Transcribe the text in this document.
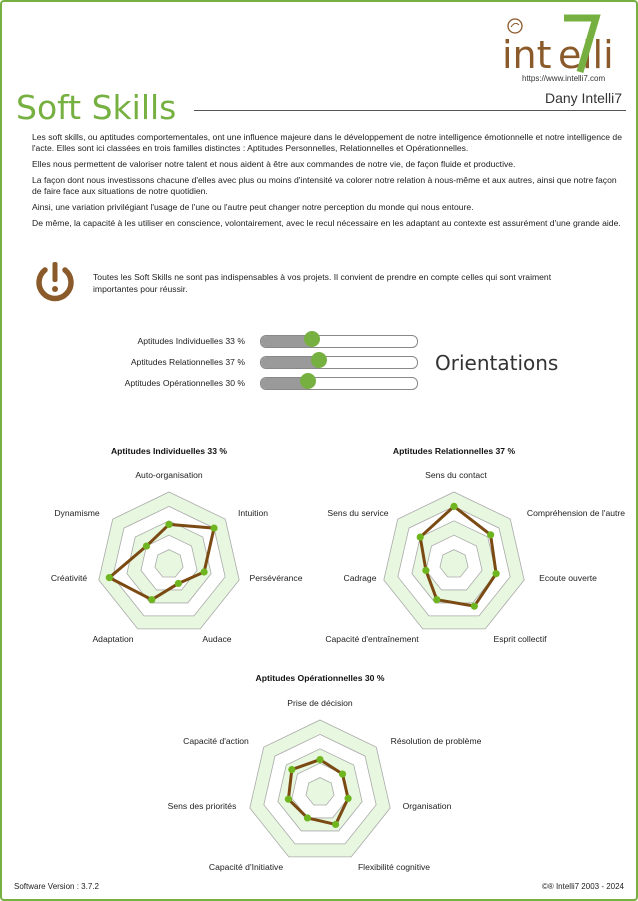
int e lli
https://www.intelli7.com
Soft Skills	Dany Intelli7

Les soft skills, ou aptitudes comportementales, ont une influence majeure dans le développement de notre intelligence émotionnelle et notre intelligence de l'acte. Elles sont ici classées en trois familles distinctes : Aptitudes Personnelles, Relationnelles et Opérationnelles.

Elles nous permettent de valoriser notre talent et nous aident à être aux commandes de notre vie, de façon fluide et productive.

La façon dont nous investissons chacune d'elles avec plus ou moins d'intensité va colorer notre relation à nous-même et aux autres, ainsi que notre façon de faire face aux situations de notre quotidien.

Ainsi, une variation privilégiant l'usage de l'une ou l'autre peut changer notre perception du monde qui nous entoure.

De même, la capacité à les utiliser en conscience, volontairement, avec le recul nécessaire en les adaptant au contexte est assurément d'une grande aide.

Toutes les Soft Skills ne sont pas indispensables à vos projets. Il convient de prendre en compte celles qui sont vraiment importantes pour réussir.
Aptitudes Individuelles 33 %
Aptitudes Relationnelles 37 %
Aptitudes Opérationnelles 30 %
Orientations
Aptitudes Individuelles 33 %
Auto-organisation
Intuition
Persévérance
Audace
Adaptation
Créativité
Dynamisme
Aptitudes Relationnelles 37 %
Sens du contact
Compréhension de l'autre
Ecoute ouverte
Esprit collectif
Capacité d'entraînement
Cadrage
Sens du service
Aptitudes Opérationnelles 30 %
Prise de décision
Résolution de problème
Organisation
Flexibilité cognitive
Capacité d'Initiative
Sens des priorités
Capacité d'action
Software Version : 3.7.2	©® Intelli7 2003 - 2024
